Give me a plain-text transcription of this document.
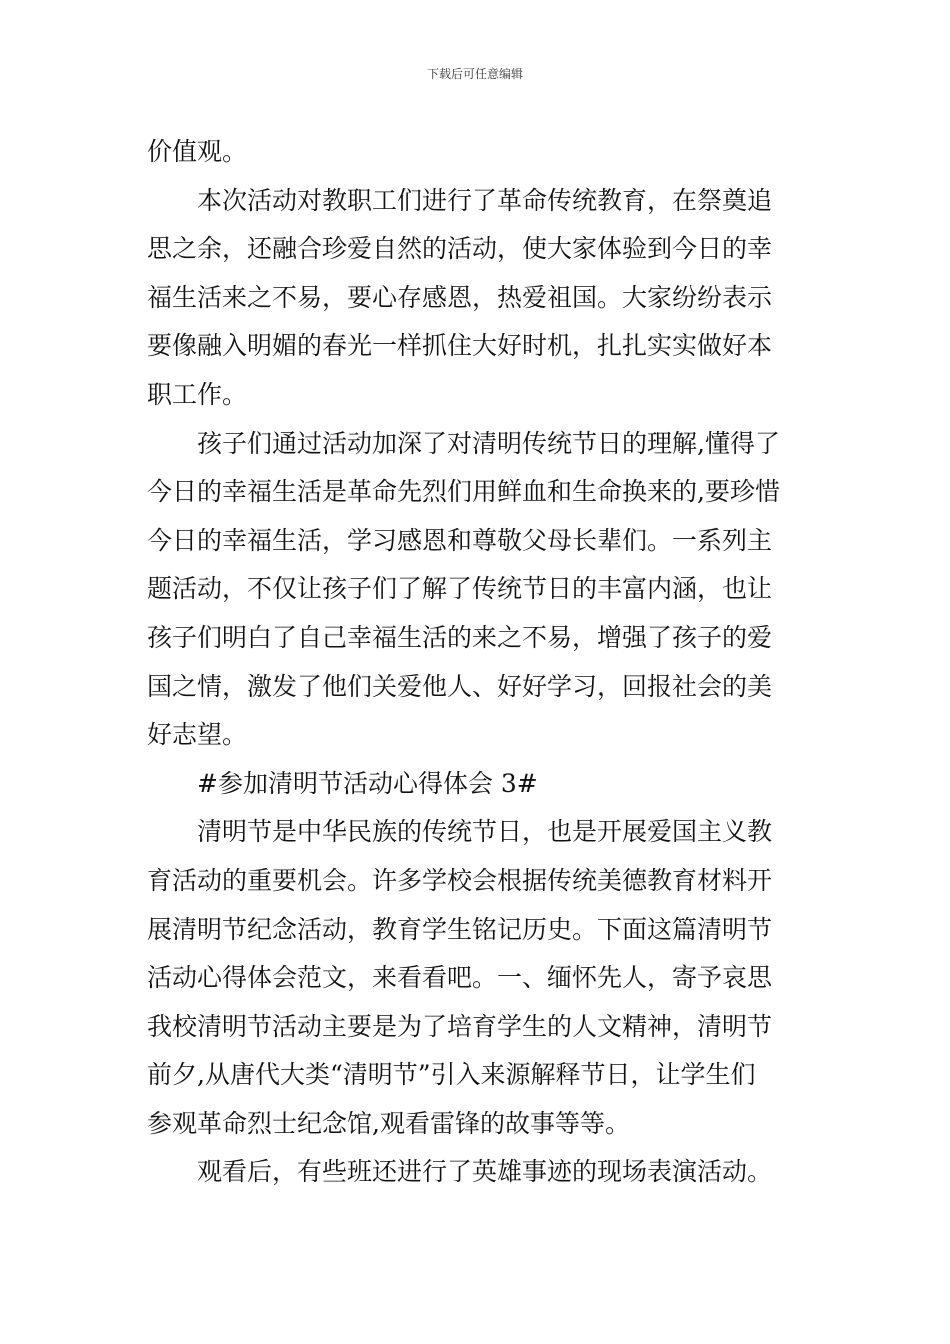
下载后可任意编辑
价值观。
本次活动对教职工们进行了革命传统教育，在祭奠追
思之余，还融合珍爱自然的活动，使大家体验到今日的幸
福生活来之不易，要心存感恩，热爱祖国。大家纷纷表示
要像融入明媚的春光一样抓住大好时机，扎扎实实做好本
职工作。
孩子们通过活动加深了对清明传统节日的理解,懂得了
今日的幸福生活是革命先烈们用鲜血和生命换来的,要珍惜
今日的幸福生活，学习感恩和尊敬父母长辈们。一系列主
题活动，不仅让孩子们了解了传统节日的丰富内涵，也让
孩子们明白了自己幸福生活的来之不易，增强了孩子的爱
国之情，激发了他们关爱他人、好好学习，回报社会的美
好志望。
#参加清明节活动心得体会 3#
清明节是中华民族的传统节日，也是开展爱国主义教
育活动的重要机会。许多学校会根据传统美德教育材料开
展清明节纪念活动，教育学生铭记历史。下面这篇清明节
活动心得体会范文，来看看吧。一、缅怀先人，寄予哀思
我校清明节活动主要是为了培育学生的人文精神，清明节
前夕,从唐代大类“清明节”引入来源解释节日，让学生们
参观革命烈士纪念馆,观看雷锋的故事等等。
观看后，有些班还进行了英雄事迹的现场表演活动。
